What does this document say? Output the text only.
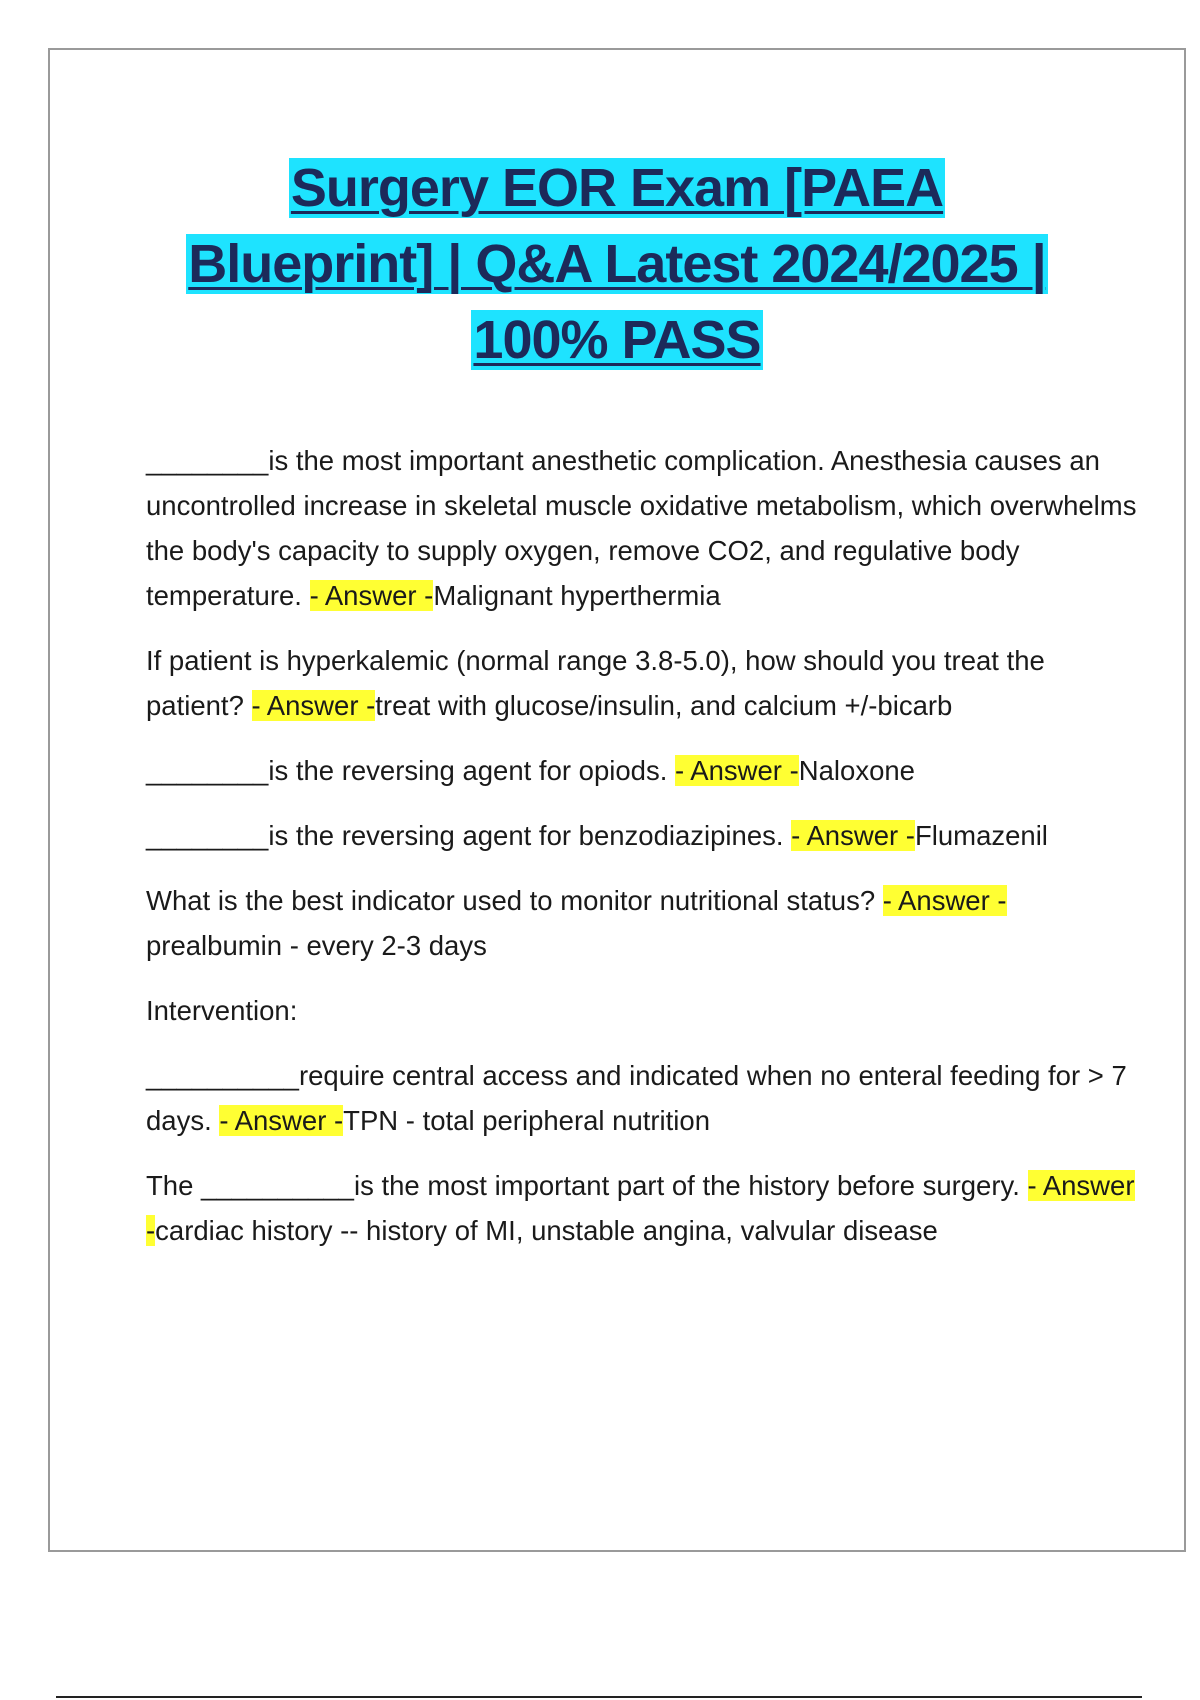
Surgery EOR Exam [PAEA
Blueprint] | Q&A Latest 2024/2025 |
100% PASS

________is the most important anesthetic complication. Anesthesia causes an uncontrolled increase in skeletal muscle oxidative metabolism, which overwhelms the body's capacity to supply oxygen, remove CO2, and regulative body temperature. - Answer -Malignant hyperthermia

If patient is hyperkalemic (normal range 3.8-5.0), how should you treat the patient? - Answer -treat with glucose/insulin, and calcium +/-bicarb

________is the reversing agent for opiods. - Answer -Naloxone

________is the reversing agent for benzodiazipines. - Answer -Flumazenil

What is the best indicator used to monitor nutritional status? - Answer -
prealbumin - every 2-3 days

Intervention:

__________require central access and indicated when no enteral feeding for > 7 days. - Answer -TPN - total peripheral nutrition

The __________is the most important part of the history before surgery. - Answer -cardiac history -- history of MI, unstable angina, valvular disease
